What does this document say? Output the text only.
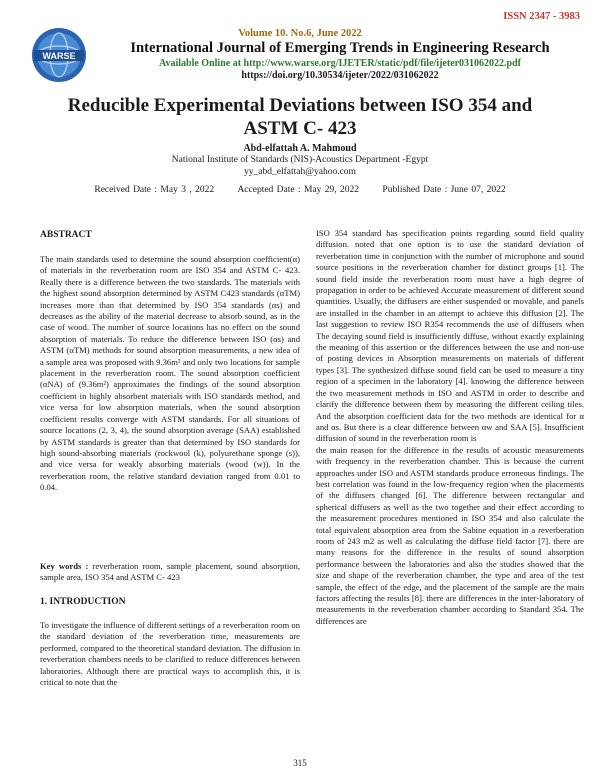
ISSN 2347 - 3983
WARSE
Volume 10. No.6, June 2022
International Journal of Emerging Trends in Engineering Research
Available Online at http://www.warse.org/IJETER/static/pdf/file/ijeter031062022.pdf
https://doi.org/10.30534/ijeter/2022/031062022
Reducible Experimental Deviations between ISO 354 and
ASTM C- 423
Abd-elfattah A. Mahmoud
National Institute of Standards (NIS)-Acoustics Department -Egypt
yy_abd_elfattah@yahoo.com
Received Date : May 3 , 2022 Accepted Date : May 29, 2022 Published Date : June 07, 2022
ABSTRACT
The main standards used to determine the sound absorption coefficient(α) of materials in the reverberation room are ISO 354 and ASTM C- 423. Really there is a difference between the two standards. The materials with the highest sound absorption determined by ASTM C423 standards (αTM) increases more than that determined by ISO 354 standards (αs) and decreases as the ability of the material decrease to absorb sound, as in the case of wood. The number of source locations has no effect on the sound absorption of materials. To reduce the difference between ISO (αs) and ASTM (αTM) methods for sound absorption measurements, a new idea of a sample area was proposed with 9.36m² and only two locations for sample placement in the reverberation room. The sound absorption coefficient (αNA) of (9.36m²) approximates the findings of the sound absorption coefficient in highly absorbent materials with ISO standards method, and vice versa for low absorption materials, when the sound absorption coefficient results converge with ASTM standards. For all situations of source locations (2, 3, 4), the sound absorption average (SAA) established by ASTM standards is greater than that determined by ISO standards for high sound-absorbing materials (rockwool (k), polyurethane sponge (s)), and vice versa for weakly absorbing materials (wood (w)). In the reverberation room, the relative standard deviation ranged from 0.01 to 0.04.
Key words : reverberation room, sample placement, sound absorption, sample area, ISO 354 and ASTM C- 423
1. INTRODUCTION
To investigate the influence of different settings of a reverberation room on the standard deviation of the reverberation time, measurements are performed, compared to the theoretical standard deviation. The diffusion in reverberation chambers needs to be clarified to reduce differences between laboratories. Although there are practical ways to accomplish this, it is critical to note that the

ISO 354 standard has specification points regarding sound field quality diffusion. noted that one option is to use the standard deviation of reverberation time in conjunction with the number of microphone and sound source positions in the reverberation chamber for distinct groups [1]. The sound field inside the reverberation room must have a high degree of propagation in order to be achieved Accurate measurement of different sound quantities. Usually, the diffusers are either suspended or movable, and panels are installed in the chamber in an attempt to achieve this diffusion [2]. The last suggestion to review ISO R354 recommends the use of diffusers when The decaying sound field is insufficiently diffuse, without exactly explaining the meaning of this assertion or the differences between the use and non-use of posting devices in Absorption measurements on materials of different types [3]. The synthesized diffuse sound field can be used to measure a tiny region of a specimen in the laboratory [4]. knowing the difference between the two measurement methods in ISO and ASTM in order to describe and clarify the difference between them by measuring the different ceiling tiles. And the absorption coefficient data for the two methods are identical for α and αs. But there is a clear difference between αw and SAA [5]. Insufficient diffusion of sound in the reverberation room is

the main reason for the difference in the results of acoustic measurements with frequency in the reverberation chamber. This is because the current approaches under ISO and ASTM standards produce erroneous findings. The best correlation was found in the low-frequency region when the placements of the diffusers changed [6]. The difference between rectangular and spherical diffusers as well as the two together and their effect according to the measurement procedures mentioned in ISO 354 and also calculate the total equivalent absorption area from the Sabine equation in a reverberation room of 243 m2 as well as calculating the diffuse field factor [7]. there are many reasons for the difference in the results of sound absorption performance between the laboratories and also the studies showed that the size and shape of the reverberation chamber, the type and area of the test sample, the effect of the edge, and the placement of the sample are the main factors affecting the results [8]. there are differences in the inter-laboratory of measurements in the reverberation chamber according to Standard 354. The differences are

315
